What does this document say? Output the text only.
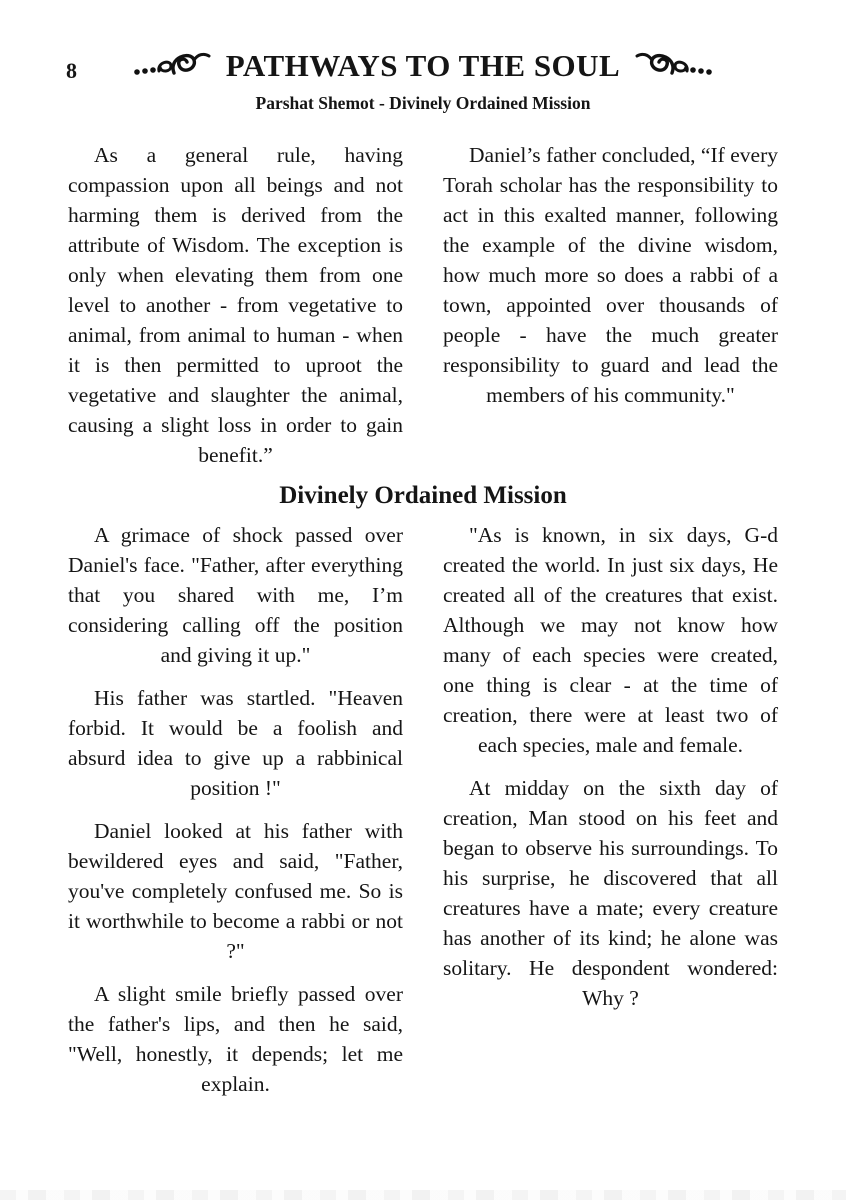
8	PATHWAYS TO THE SOUL
Parshat Shemot - Divinely Ordained Mission

As a general rule, having compassion upon all beings and not harming them is derived from the attribute of Wisdom. The exception is only when elevating them from one level to another - from vegetative to animal, from animal to human - when it is then permitted to uproot the vegetative and slaughter the animal, causing a slight loss in order to gain benefit.”

Daniel’s father concluded, “If every Torah scholar has the responsibility to act in this exalted manner, following the example of the divine wisdom, how much more so does a rabbi of a town, appointed over thousands of people - have the much greater responsibility to guard and lead the members of his community."

Divinely Ordained Mission

A grimace of shock passed over Daniel's face. "Father, after everything that you shared with me, I’m considering calling off the position and giving it up."

His father was startled. "Heaven forbid. It would be a foolish and absurd idea to give up a rabbinical position !"

Daniel looked at his father with bewildered eyes and said, "Father, you've completely confused me. So is it worthwhile to become a rabbi or not ?"

A slight smile briefly passed over the father's lips, and then he said, "Well, honestly, it depends; let me explain.

"As is known, in six days, G-d created the world. In just six days, He created all of the creatures that exist. Although we may not know how many of each species were created, one thing is clear - at the time of creation, there were at least two of each species, male and female.

At midday on the sixth day of creation, Man stood on his feet and began to observe his surroundings. To his surprise, he discovered that all creatures have a mate; every creature has another of its kind; he alone was solitary. He despondent wondered: Why ?
